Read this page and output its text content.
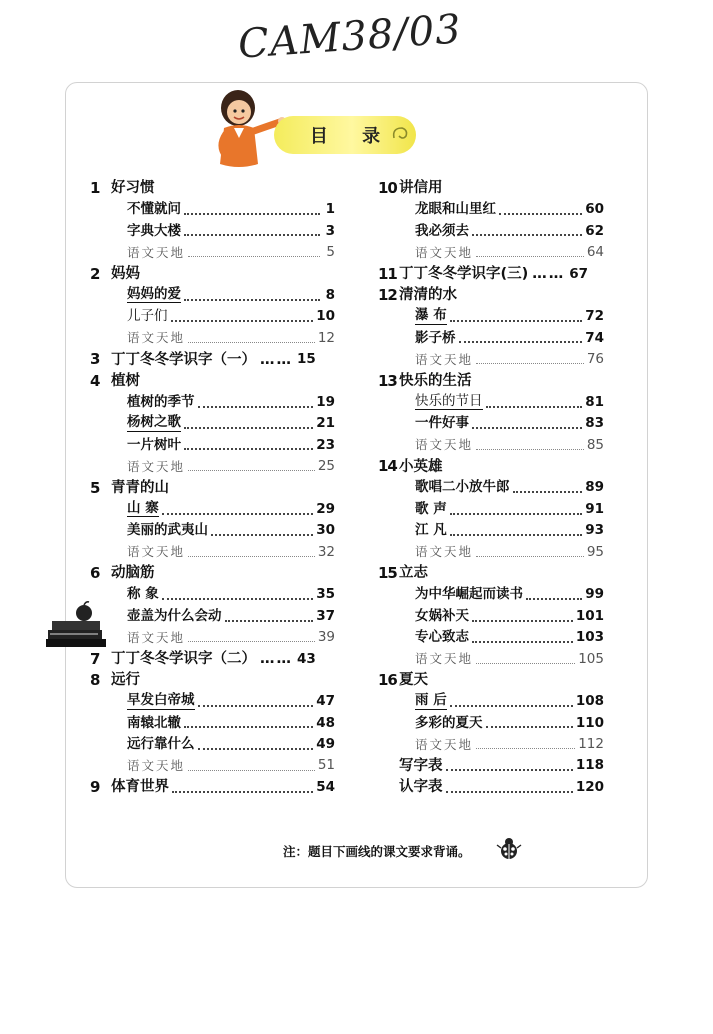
CAM38/03
目 录
1 好习惯
不懂就问	1
字典大楼	3
语文天地	5
2 妈妈
妈妈的爱	8
儿子们	10
语文天地	12
3 丁丁冬冬学识字（一） …… 15
4 植树
植树的季节	19
杨树之歌	21
一片树叶	23
语文天地	25
5 青青的山
山 寨	29
美丽的武夷山	30
语文天地	32
6 动脑筋
称 象	35
壶盖为什么会动	37
语文天地	39
7 丁丁冬冬学识字（二） …… 43
8 远行
早发白帝城	47
南辕北辙	48
远行靠什么	49
语文天地	51
9 体育世界	54
10 讲信用
龙眼和山里红	60
我必须去	62
语文天地	64
11 丁丁冬冬学识字(三) …… 67
12 清清的水
瀑 布	72
影子桥	74
语文天地	76
13 快乐的生活
快乐的节日	81
一件好事	83
语文天地	85
14 小英雄
歌唱二小放牛郎	89
歌 声	91
江 凡	93
语文天地	95
15 立志
为中华崛起而读书	99
女娲补天	101
专心致志	103
语文天地	105
16 夏天
雨 后	108
多彩的夏天	110
语文天地	112
写字表	118
认字表	120
注：题目下画线的课文要求背诵。
